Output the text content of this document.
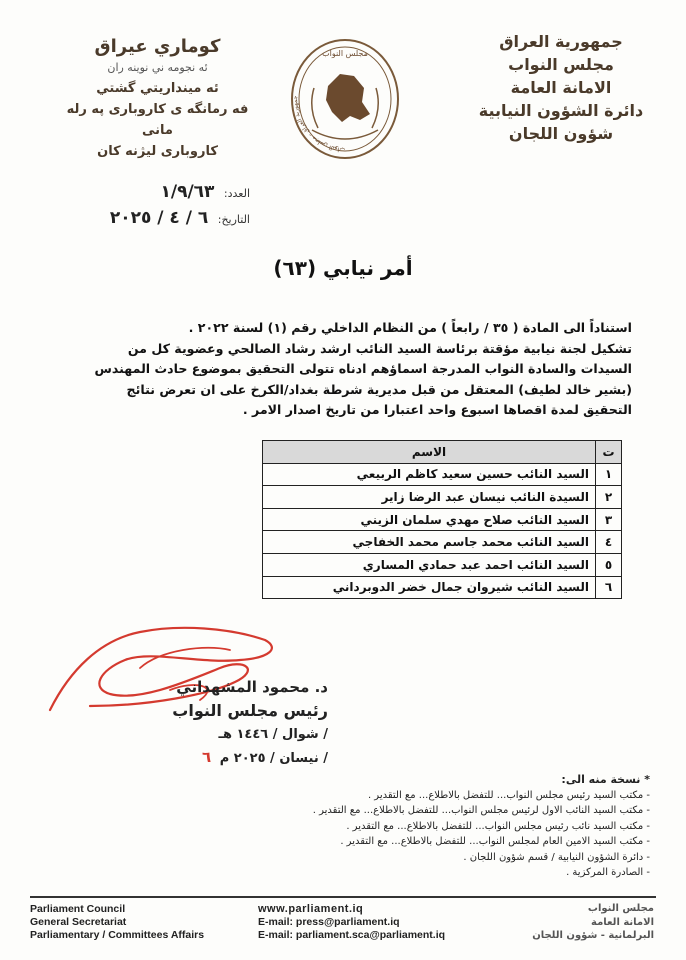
جمهورية العراق
مجلس النواب
الامانة العامة
دائرة الشؤون النيابية
شؤون اللجان
كوماري عيراق
ئه نجومه ني نوينه ران
ئه مينداريتي گشتي
فه رمانگه ى كاروبارى په رله مانى
كاروبارى ليژنه كان
العدد: ١/٩/٦٣
التاريخ: ٦ / ٤ / ٢٠٢٥
مجلس النواب
جمهورية العراق - مجلس النواب
أمر نيابي (٦٣)

استناداً الى المادة ( ٣٥ / رابعاً ) من النظام الداخلي رقم (١) لسنة ٢٠٢٢ .

تشكيل لجنة نيابية مؤقتة برئاسة السيد النائب ارشد رشاد الصالحي وعضوية كل من

السيدات والسادة النواب المدرجة اسماؤهم ادناه تتولى التحقيق بموضوع حادث المهندس

(بشير خالد لطيف) المعتقل من قبل مديرية شرطة بغداد/الكرخ على ان تعرض نتائج

التحقيق لمدة اقصاها اسبوع واحد اعتبارا من تاريخ اصدار الامر .

ت	الاسم
١	السيد النائب حسين سعيد كاظم الربيعي
٢	السيدة النائب نيسان عبد الرضا زاير
٣	السيد النائب صلاح مهدي سلمان الزيني
٤	السيد النائب محمد جاسم محمد الخفاجي
٥	السيد النائب احمد عبد حمادي المساري
٦	السيد النائب شيروان جمال خضر الدوبرداني
د. محمود المشهداني
رئيس مجلس النواب
/ شوال / ١٤٤٦ هـ
/ نيسان / ٢٠٢٥ م ٦
* نسخة منه الى:
- مكتب السيد رئيس مجلس النواب... للتفضل بالاطلاع... مع التقدير .
- مكتب السيد النائب الاول لرئيس مجلس النواب... للتفضل بالاطلاع... مع التقدير .
- مكتب السيد نائب رئيس مجلس النواب... للتفضل بالاطلاع... مع التقدير .
- مكتب السيد الامين العام لمجلس النواب... للتفضل بالاطلاع... مع التقدير .
- دائرة الشؤون النيابية / قسم شؤون اللجان .
- الصادرة المركزية .
Parliament Council
General Secretariat
Parliamentary / Committees Affairs
www.parliament.iq
E-mail: press@parliament.iq
E-mail: parliament.sca@parliament.iq
مجلس النواب
الامانة العامة
البرلمانية - شؤون اللجان
